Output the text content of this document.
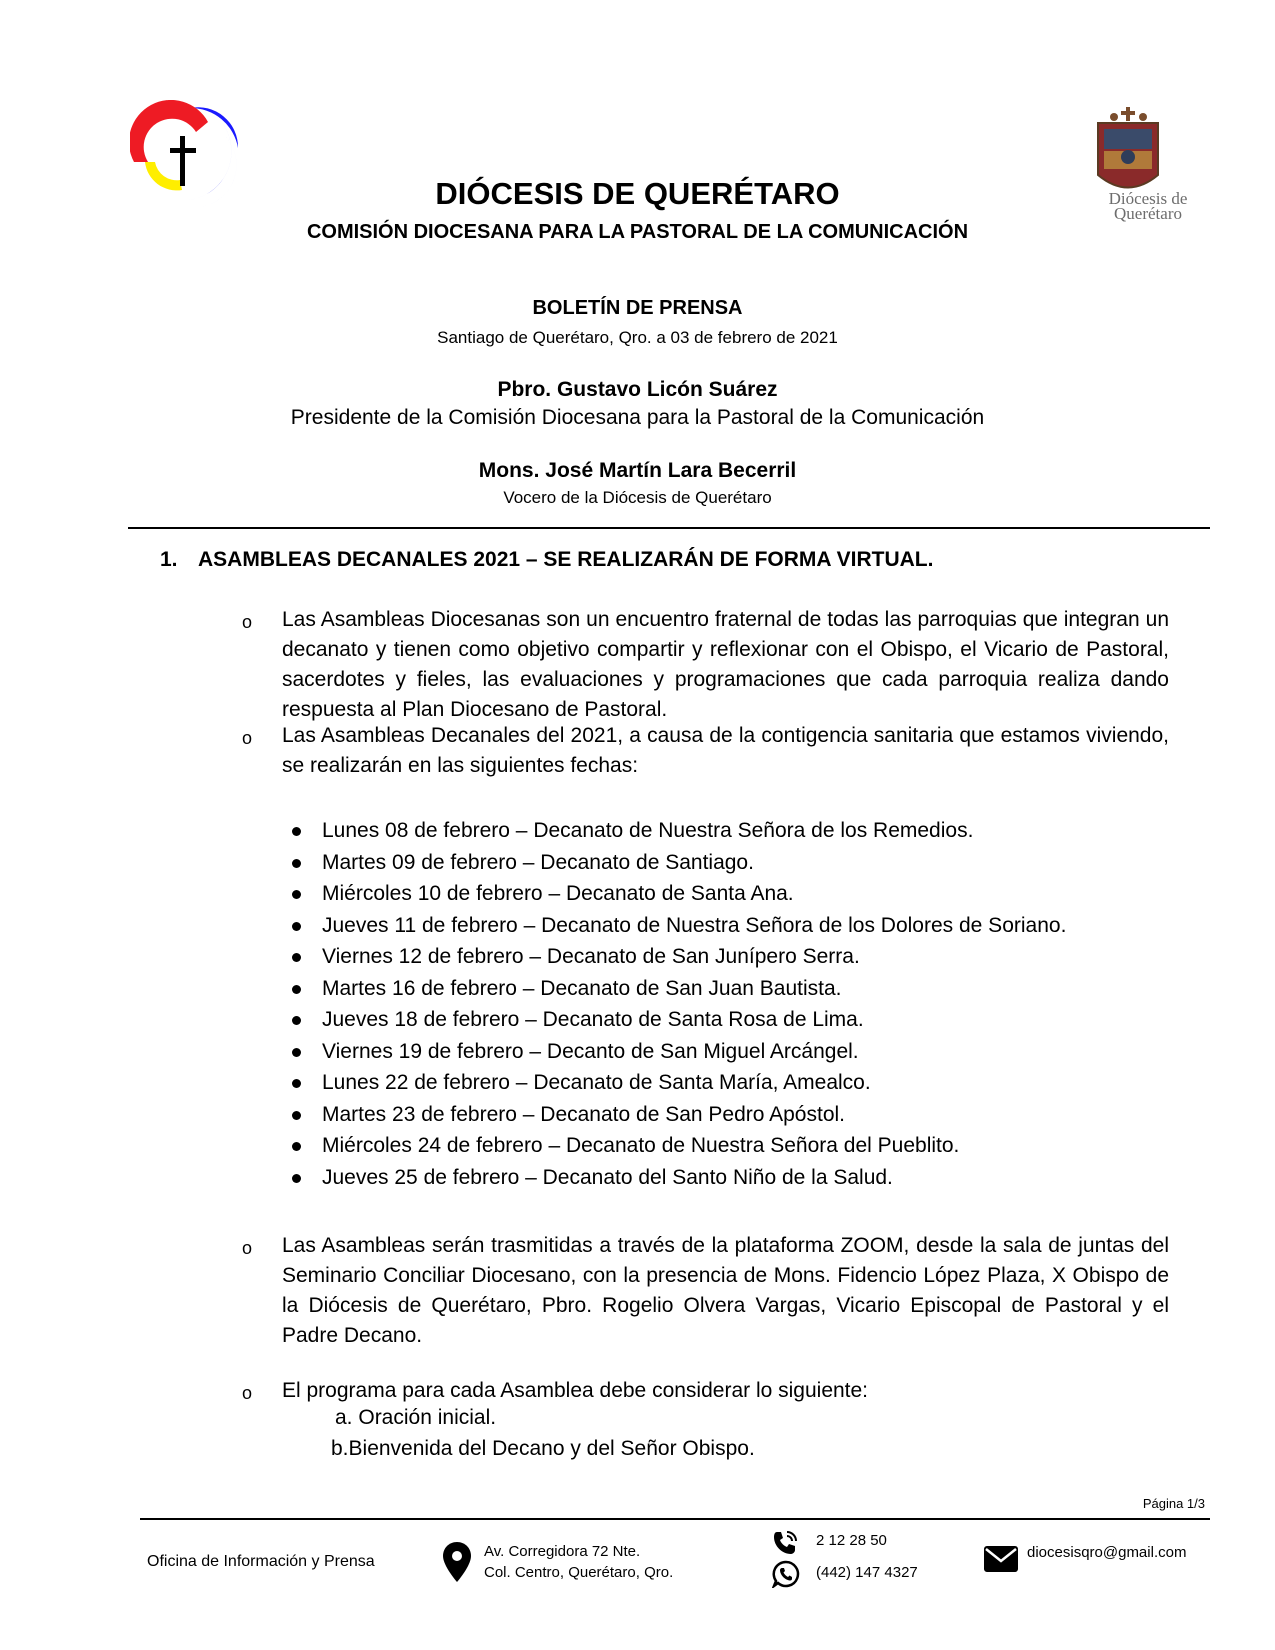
Diócesis de
Querétaro
DIÓCESIS DE QUERÉTARO
COMISIÓN DIOCESANA PARA LA PASTORAL DE LA COMUNICACIÓN
BOLETÍN DE PRENSA
Santiago de Querétaro, Qro. a 03 de febrero de 2021
Pbro. Gustavo Licón Suárez
Presidente de la Comisión Diocesana para la Pastoral de la Comunicación
Mons. José Martín Lara Becerril
Vocero de la Diócesis de Querétaro
1. ASAMBLEAS DECANALES 2021 – SE REALIZARÁN DE FORMA VIRTUAL.
o Las Asambleas Diocesanas son un encuentro fraternal de todas las parroquias que integran un decanato y tienen como objetivo compartir y reflexionar con el Obispo, el Vicario de Pastoral, sacerdotes y fieles, las evaluaciones y programaciones que cada parroquia realiza dando respuesta al Plan Diocesano de Pastoral.
o Las Asambleas Decanales del 2021, a causa de la contigencia sanitaria que estamos viviendo, se realizarán en las siguientes fechas:
Lunes 08 de febrero – Decanato de Nuestra Señora de los Remedios.
Martes 09 de febrero – Decanato de Santiago.
Miércoles 10 de febrero – Decanato de Santa Ana.
Jueves 11 de febrero – Decanato de Nuestra Señora de los Dolores de Soriano.
Viernes 12 de febrero – Decanato de San Junípero Serra.
Martes 16 de febrero – Decanato de San Juan Bautista.
Jueves 18 de febrero – Decanato de Santa Rosa de Lima.
Viernes 19 de febrero – Decanto de San Miguel Arcángel.
Lunes 22 de febrero – Decanato de Santa María, Amealco.
Martes 23 de febrero – Decanato de San Pedro Apóstol.
Miércoles 24 de febrero – Decanato de Nuestra Señora del Pueblito.
Jueves 25 de febrero – Decanato del Santo Niño de la Salud.
o Las Asambleas serán trasmitidas a través de la plataforma ZOOM, desde la sala de juntas del Seminario Conciliar Diocesano, con la presencia de Mons. Fidencio López Plaza, X Obispo de la Diócesis de Querétaro, Pbro. Rogelio Olvera Vargas, Vicario Episcopal de Pastoral y el Padre Decano.
o El programa para cada Asamblea debe considerar lo siguiente:
a. Oración inicial.
b.Bienvenida del Decano y del Señor Obispo.
Página 1/3
Oficina de Información y Prensa
Av. Corregidora 72 Nte.
Col. Centro, Querétaro, Qro.
2 12 28 50
(442) 147 4327
diocesisqro@gmail.com
